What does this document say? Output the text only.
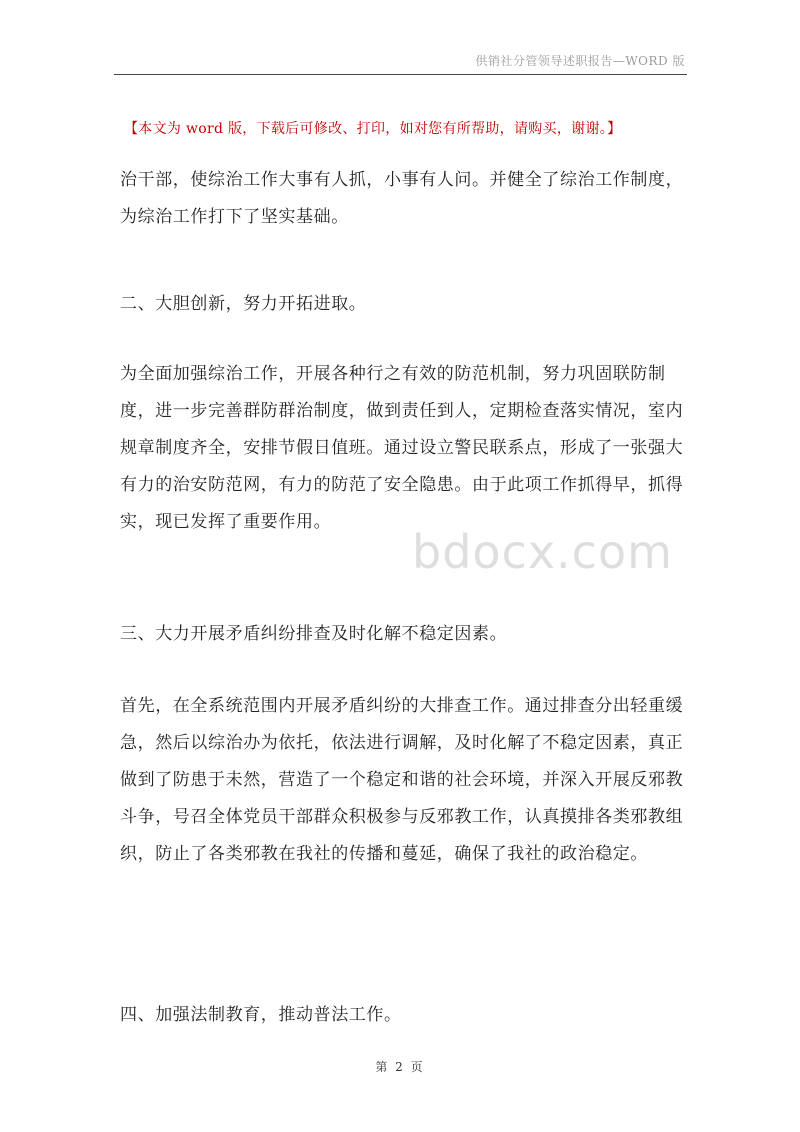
供销社分管领导述职报告—WORD 版
【本文为 word 版，下载后可修改、打印，如对您有所帮助，请购买，谢谢。】

治干部，使综治工作大事有人抓，小事有人问。并健全了综治工作制度，为综治工作打下了坚实基础。

二、大胆创新，努力开拓进取。

为全面加强综治工作，开展各种行之有效的防范机制，努力巩固联防制度，进一步完善群防群治制度，做到责任到人，定期检查落实情况，室内规章制度齐全，安排节假日值班。通过设立警民联系点，形成了一张强大有力的治安防范网，有力的防范了安全隐患。由于此项工作抓得早，抓得实，现已发挥了重要作用。

bdocx.com

三、大力开展矛盾纠纷排查及时化解不稳定因素。

首先，在全系统范围内开展矛盾纠纷的大排查工作。通过排查分出轻重缓急，然后以综治办为依托，依法进行调解，及时化解了不稳定因素，真正做到了防患于未然，营造了一个稳定和谐的社会环境，并深入开展反邪教斗争，号召全体党员干部群众积极参与反邪教工作，认真摸排各类邪教组织，防止了各类邪教在我社的传播和蔓延，确保了我社的政治稳定。

四、加强法制教育，推动普法工作。

第 2 页
